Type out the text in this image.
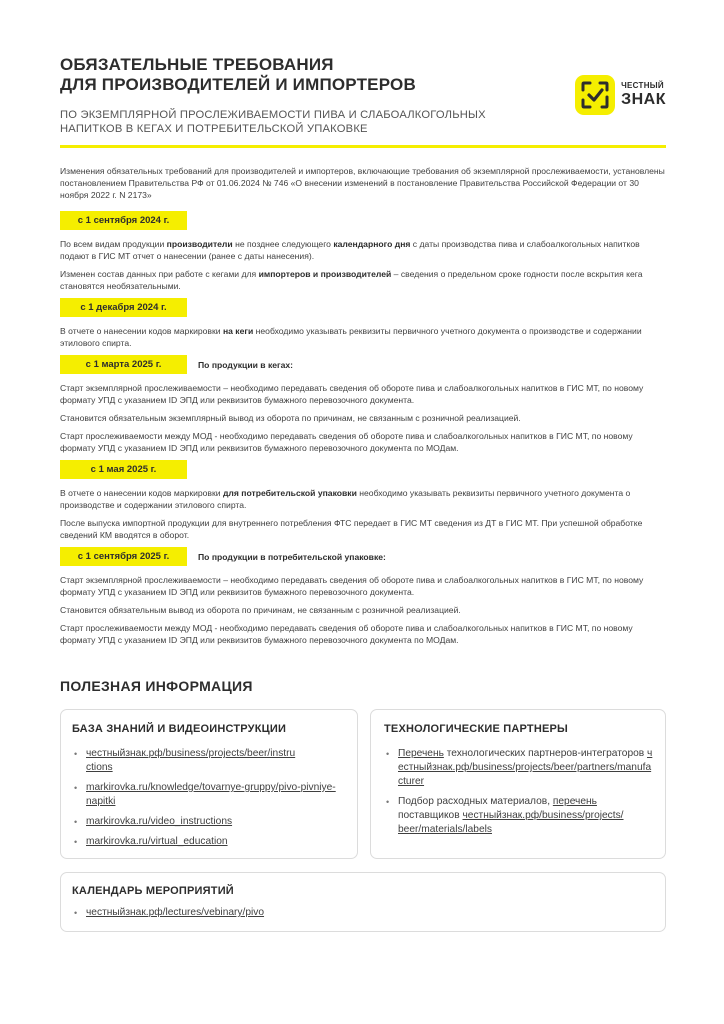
ОБЯЗАТЕЛЬНЫЕ ТРЕБОВАНИЯ
ДЛЯ ПРОИЗВОДИТЕЛЕЙ И ИМПОРТЕРОВ
ПО ЭКЗЕМПЛЯРНОЙ ПРОСЛЕЖИВАЕМОСТИ ПИВА И СЛАБОАЛКОГОЛЬНЫХ
НАПИТКОВ В КЕГАХ И ПОТРЕБИТЕЛЬСКОЙ УПАКОВКЕ
ЧЕСТНЫЙ
ЗНАК

Изменения обязательных требований для производителей и импортеров, включающие требования об экземплярной прослеживаемости, установлены постановлением Правительства РФ от 01.06.2024 № 746 «О внесении изменений в постановление Правительства Российской Федерации от 30 ноября 2022 г. N 2173»

с 1 сентября 2024 г.

По всем видам продукции производители не позднее следующего календарного дня с даты производства пива и слабоалкогольных напитков подают в ГИС МТ отчет о нанесении (ранее с даты нанесения).

Изменен состав данных при работе с кегами для импортеров и производителей – сведения о предельном сроке годности после вскрытия кега становятся необязательными.

с 1 декабря 2024 г.

В отчете о нанесении кодов маркировки на кеги необходимо указывать реквизиты первичного учетного документа о производстве и содержании этилового спирта.

с 1 марта 2025 г.	По продукции в кегах:

Старт экземплярной прослеживаемости – необходимо передавать сведения об обороте пива и слабоалкогольных напитков в ГИС МТ, по новому формату УПД с указанием ID ЭПД или реквизитов бумажного перевозочного документа.

Становится обязательным экземплярный вывод из оборота по причинам, не связанным с розничной реализацией.

Старт прослеживаемости между МОД - необходимо передавать сведения об обороте пива и слабоалкогольных напитков в ГИС МТ, по новому формату УПД с указанием ID ЭПД или реквизитов бумажного перевозочного документа по МОДам.

с 1 мая 2025 г.

В отчете о нанесении кодов маркировки для потребительской упаковки необходимо указывать реквизиты первичного учетного документа о производстве и содержании этилового спирта.

После выпуска импортной продукции для внутреннего потребления ФТС передает в ГИС МТ сведения из ДТ в ГИС МТ. При успешной обработке сведений КМ вводятся в оборот.

с 1 сентября 2025 г.	По продукции в потребительской упаковке:

Старт экземплярной прослеживаемости – необходимо передавать сведения об обороте пива и слабоалкогольных напитков в ГИС МТ, по новому формату УПД с указанием ID ЭПД или реквизитов бумажного перевозочного документа.

Становится обязательным вывод из оборота по причинам, не связанным с розничной реализацией.

Старт прослеживаемости между МОД - необходимо передавать сведения об обороте пива и слабоалкогольных напитков в ГИС МТ, по новому формату УПД с указанием ID ЭПД или реквизитов бумажного перевозочного документа по МОДам.

ПОЛЕЗНАЯ ИНФОРМАЦИЯ
БАЗА ЗНАНИЙ И ВИДЕОИНСТРУКЦИИ
• честныйзнак.рф/business/projects/beer/instructions
• markirovka.ru/knowledge/tovarnye-gruppy/pivo-pivniye-napitki
• markirovka.ru/video_instructions
• markirovka.ru/virtual_education
ТЕХНОЛОГИЧЕСКИЕ ПАРТНЕРЫ
• Перечень технологических партнеров-интеграторов честныйзнак.рф/business/projects/beer/partners/manufacturer
• Подбор расходных материалов, перечень поставщиков честныйзнак.рф/business/projects/beer/materials/labels
КАЛЕНДАРЬ МЕРОПРИЯТИЙ
• честныйзнак.рф/lectures/vebinary/pivo
